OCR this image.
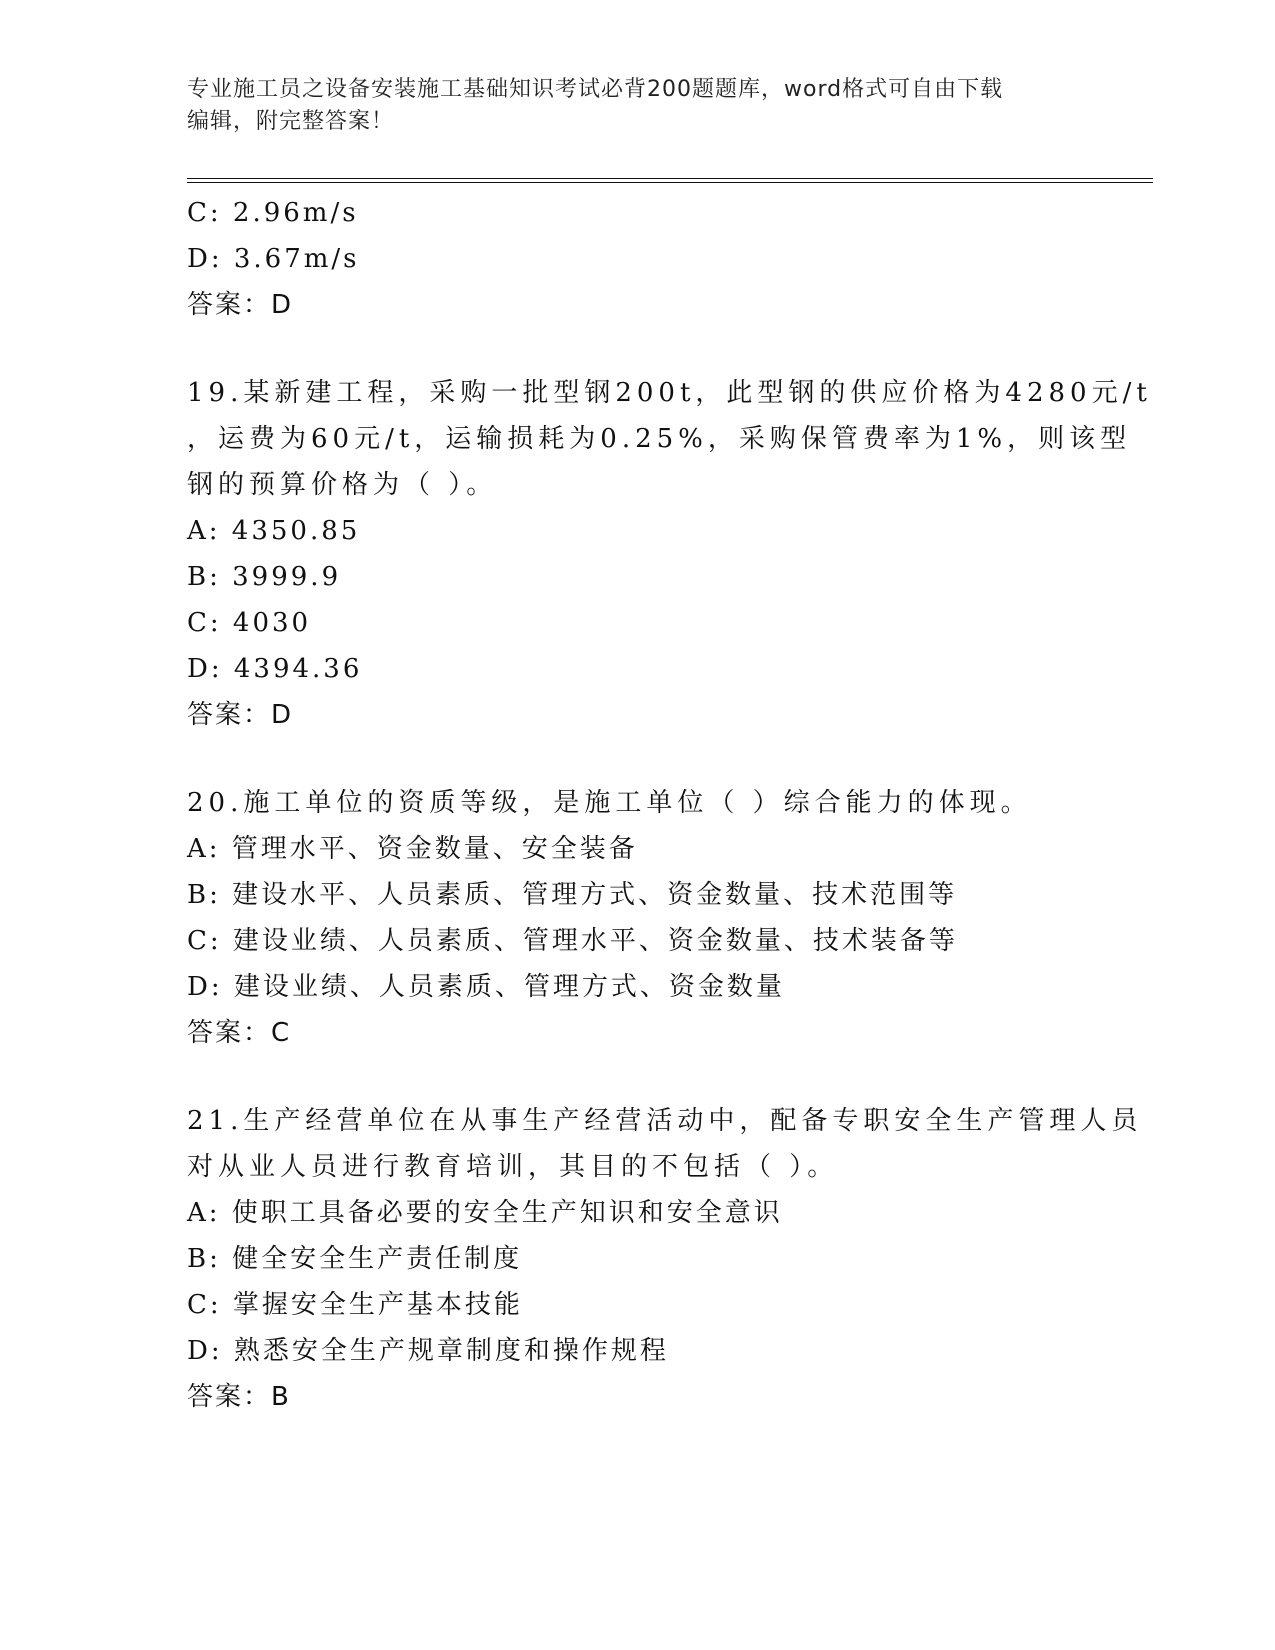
专业施工员之设备安装施工基础知识考试必背200题题库，word格式可自由下载
编辑，附完整答案！
C: 2.96m/s
D: 3.67m/s
答案：D
19.某新建工程，采购一批型钢200t，此型钢的供应价格为4280元/t
，运费为60元/t，运输损耗为0.25%，采购保管费率为1%，则该型
钢的预算价格为（ ）。
A: 4350.85
B: 3999.9
C: 4030
D: 4394.36
答案：D
20.施工单位的资质等级，是施工单位（ ）综合能力的体现。
A: 管理水平、资金数量、安全装备
B: 建设水平、人员素质、管理方式、资金数量、技术范围等
C: 建设业绩、人员素质、管理水平、资金数量、技术装备等
D: 建设业绩、人员素质、管理方式、资金数量
答案：C
21.生产经营单位在从事生产经营活动中，配备专职安全生产管理人员
对从业人员进行教育培训，其目的不包括（ ）。
A: 使职工具备必要的安全生产知识和安全意识
B: 健全安全生产责任制度
C: 掌握安全生产基本技能
D: 熟悉安全生产规章制度和操作规程
答案：B
